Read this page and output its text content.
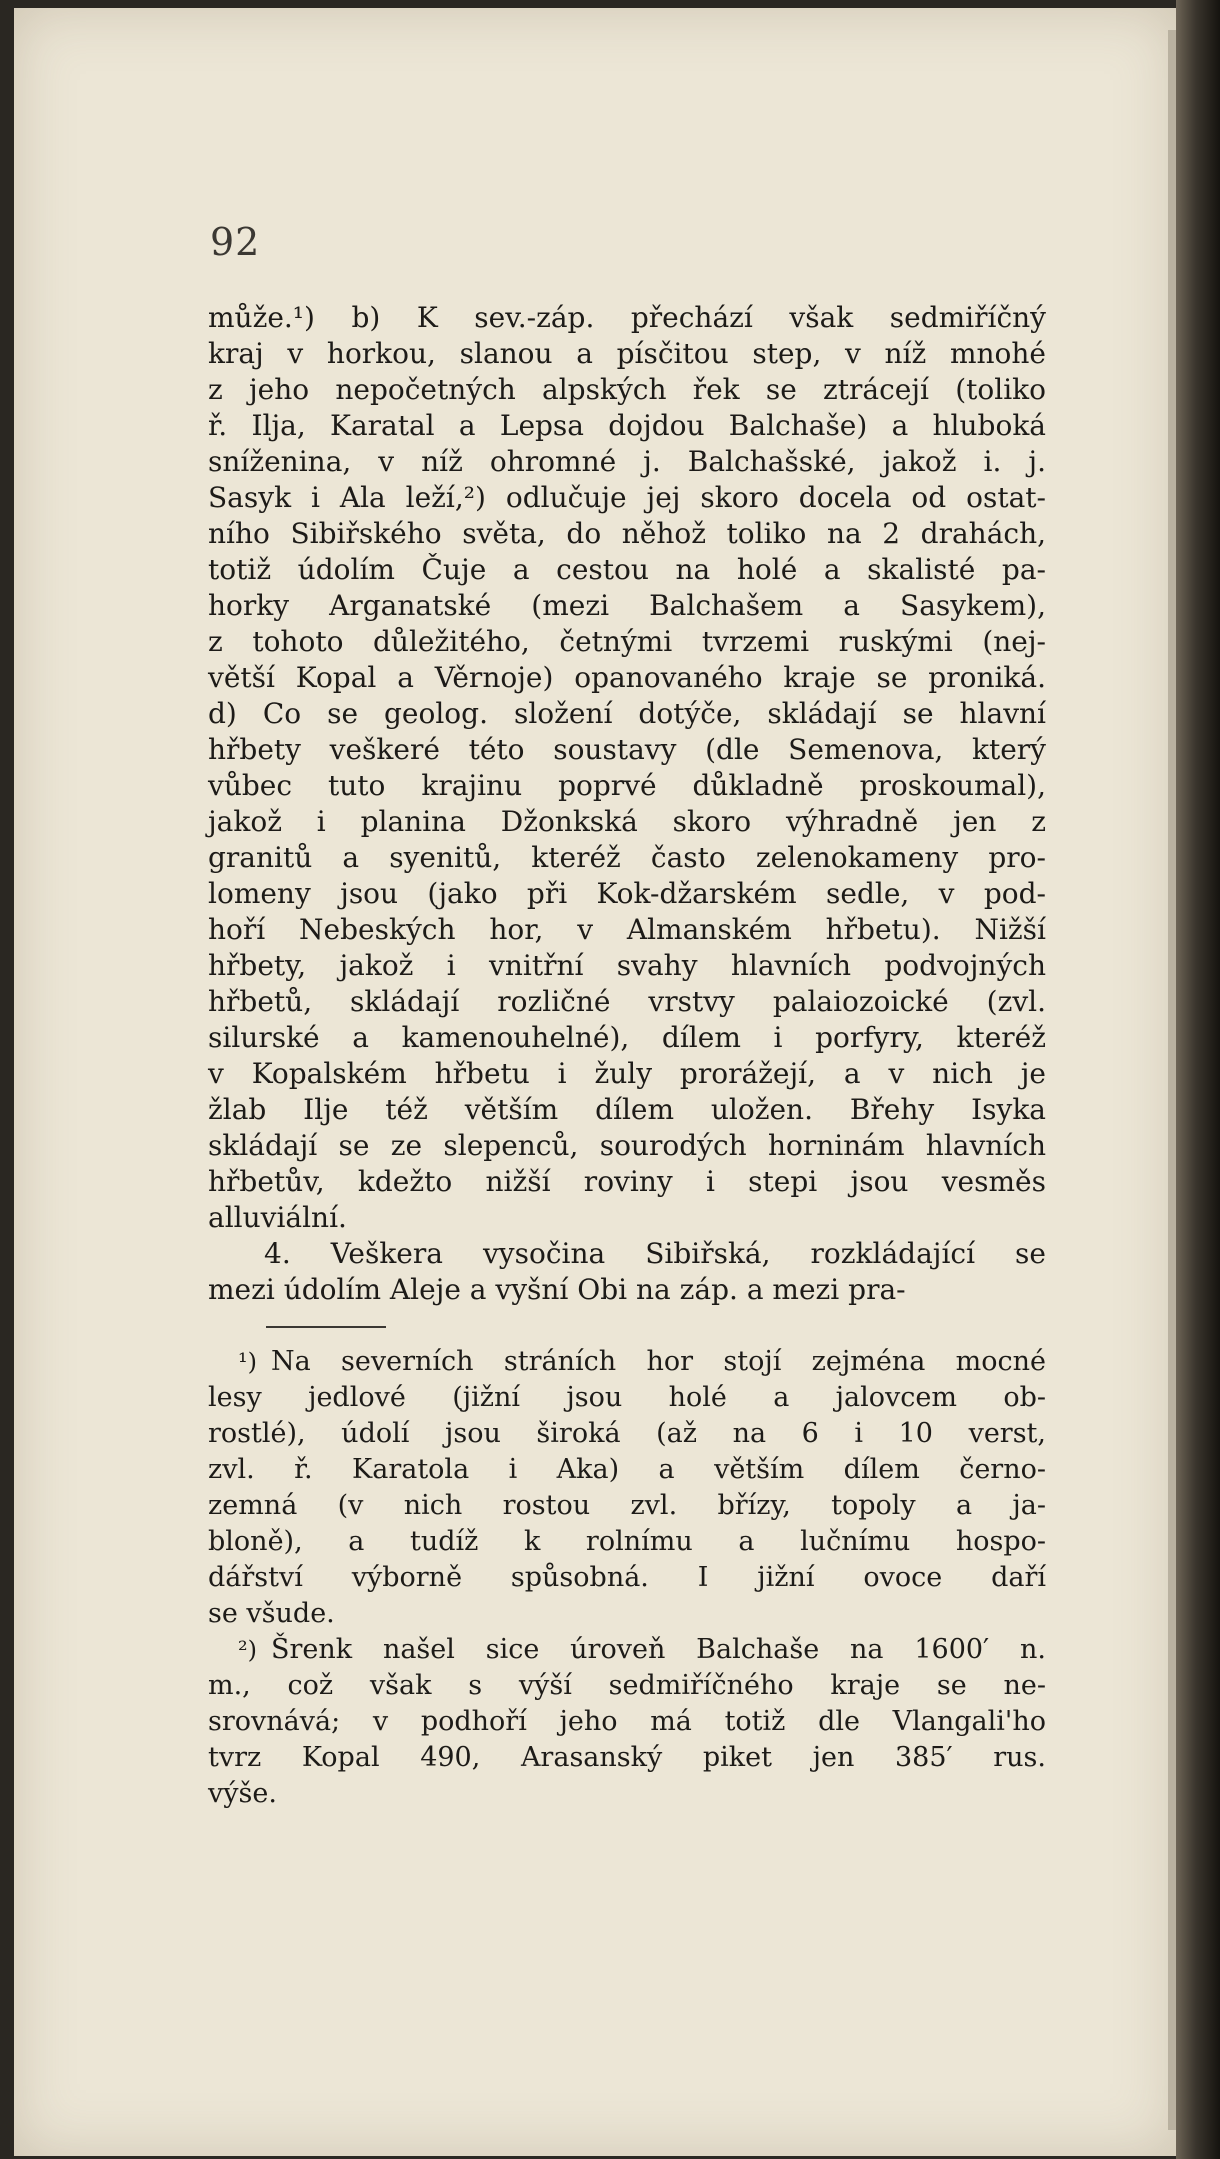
92
může.¹) b) K sev.-záp. přechází však sedmiříčný
kraj v horkou, slanou a písčitou step, v níž mnohé
z jeho nepočetných alpských řek se ztrácejí (toliko
ř. Ilja, Karatal a Lepsa dojdou Balchaše) a hluboká
sníženina, v níž ohromné j. Balchašské, jakož i. j.
Sasyk i Ala leží,²) odlučuje jej skoro docela od ostat-
ního Sibiřského světa, do něhož toliko na 2 drahách,
totiž údolím Čuje a cestou na holé a skalisté pa-
horky Arganatské (mezi Balchašem a Sasykem),
z tohoto důležitého, četnými tvrzemi ruskými (nej-
větší Kopal a Věrnoje) opanovaného kraje se proniká.
d) Co se geolog. složení dotýče, skládají se hlavní
hřbety veškeré této soustavy (dle Semenova, který
vůbec tuto krajinu poprvé důkladně proskoumal),
jakož i planina Džonkská skoro výhradně jen z
granitů a syenitů, kteréž často zelenokameny pro-
lomeny jsou (jako při Kok-džarském sedle, v pod-
hoří Nebeských hor, v Almanském hřbetu). Nižší
hřbety, jakož i vnitřní svahy hlavních podvojných
hřbetů, skládají rozličné vrstvy palaiozoické (zvl.
silurské a kamenouhelné), dílem i porfyry, kteréž
v Kopalském hřbetu i žuly prorážejí, a v nich je
žlab Ilje též větším dílem uložen. Břehy Isyka
skládají se ze slepenců, sourodých horninám hlavních
hřbetův, kdežto nižší roviny i stepi jsou vesměs
alluviální.
4. Veškera vysočina Sibiřská, rozkládající se
mezi údolím Aleje a vyšní Obi na záp. a mezi pra-
¹) Na severních stráních hor stojí zejména mocné
lesy jedlové (jižní jsou holé a jalovcem ob-
rostlé), údolí jsou široká (až na 6 i 10 verst,
zvl. ř. Karatola i Aka) a větším dílem černo-
zemná (v nich rostou zvl. břízy, topoly a ja-
bloně), a tudíž k rolnímu a lučnímu hospo-
dářství výborně spůsobná. I jižní ovoce daří
se všude.
²) Šrenk našel sice úroveň Balchaše na 1600′ n.
m., což však s výší sedmiříčného kraje se ne-
srovnává; v podhoří jeho má totiž dle Vlangali'ho
tvrz Kopal 490, Arasanský piket jen 385′ rus.
výše.
